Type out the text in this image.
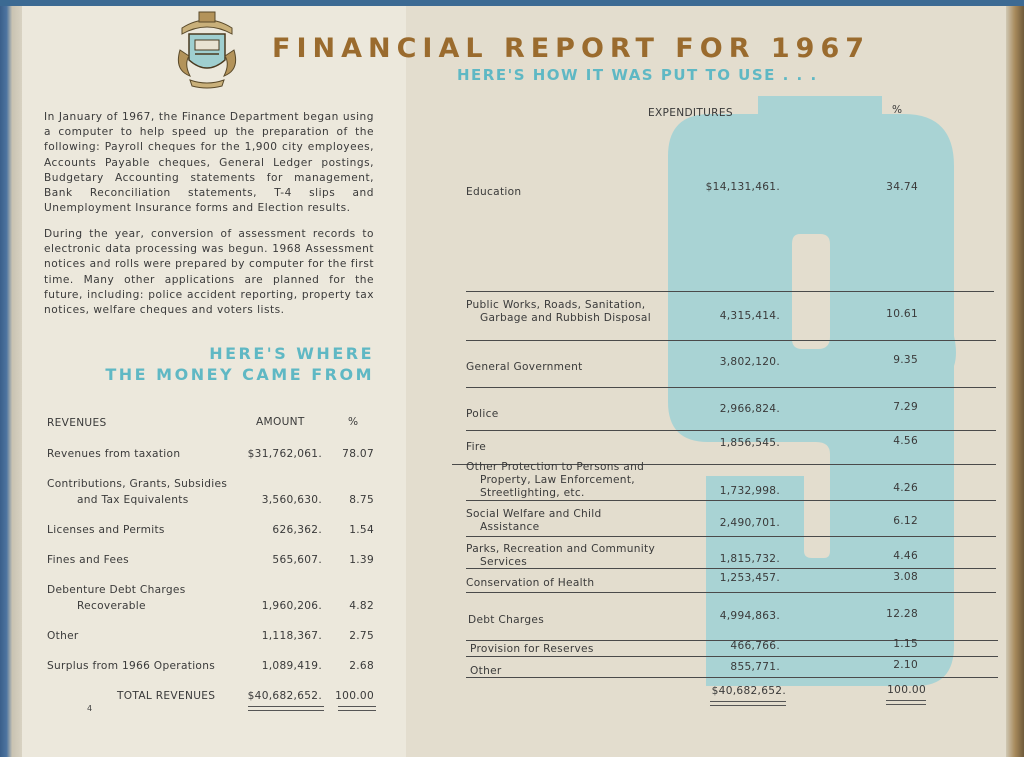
FINANCIAL REPORT FOR 1967
HERE'S HOW IT WAS PUT TO USE . . .
In January of 1967, the Finance Department began using a computer to help speed up the preparation of the following: Payroll cheques for the 1,900 city employees, Accounts Payable cheques, General Ledger postings, Budgetary Accounting statements for management, Bank Reconciliation statements, T-4 slips and Unemployment Insurance forms and Election results.
During the year, conversion of assessment records to electronic data processing was begun. 1968 Assessment notices and rolls were prepared by computer for the first time. Many other applications are planned for the future, including: police accident reporting, property tax notices, welfare cheques and voters lists.
HERE'S WHERE
THE MONEY CAME FROM
REVENUES	AMOUNT	%
Revenues from taxation	$31,762,061.	78.07
Contributions, Grants, Subsidies
and Tax Equivalents	3,560,630.	8.75
Licenses and Permits	626,362.	1.54
Fines and Fees	565,607.	1.39
Debenture Debt Charges
Recoverable	1,960,206.	4.82
Other	1,118,367.	2.75
Surplus from 1966 Operations	1,089,419.	2.68
TOTAL REVENUES	$40,682,652.	100.00
4
EXPENDITURES	%
Education	$14,131,461.	34.74
Public Works, Roads, Sanitation,
Garbage and Rubbish Disposal	4,315,414.	10.61
General Government	3,802,120.	9.35
Police	2,966,824.	7.29
Fire	1,856,545.	4.56
Other Protection to Persons and
Property, Law Enforcement, Streetlighting, etc.	1,732,998.	4.26
Social Welfare and Child
Assistance	2,490,701.	6.12
Parks, Recreation and Community
Services	1,815,732.	4.46
Conservation of Health	1,253,457.	3.08
Debt Charges	4,994,863.	12.28
Provision for Reserves	466,766.	1.15
Other	855,771.	2.10
$40,682,652.	100.00
